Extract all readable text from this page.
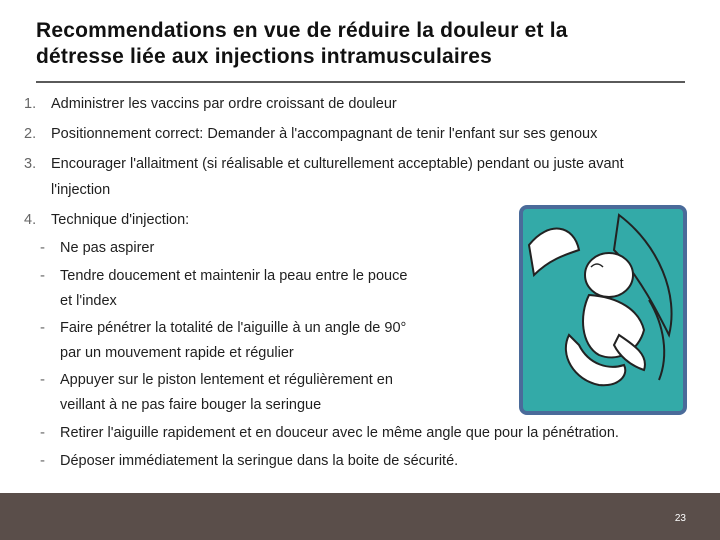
Recommendations en vue de réduire la douleur et la
détresse liée aux injections intramusculaires
1. Administrer les vaccins par ordre croissant de douleur
2. Positionnement correct: Demander à l'accompagnant de tenir l'enfant sur ses genoux
3. Encourager l'allaitment (si réalisable et culturellement acceptable) pendant ou juste avant
l'injection
4. Technique d'injection:
- Ne pas aspirer
- Tendre doucement et maintenir la peau entre le pouce
et l'index
- Faire pénétrer la totalité de l'aiguille à un angle de 90°
par un mouvement rapide et régulier
- Appuyer sur le piston lentement et régulièrement en
veillant à ne pas faire bouger la seringue
- Retirer l'aiguille rapidement et en douceur avec le même angle que pour la pénétration.
- Déposer immédiatement la seringue dans la boite de sécurité.
23
